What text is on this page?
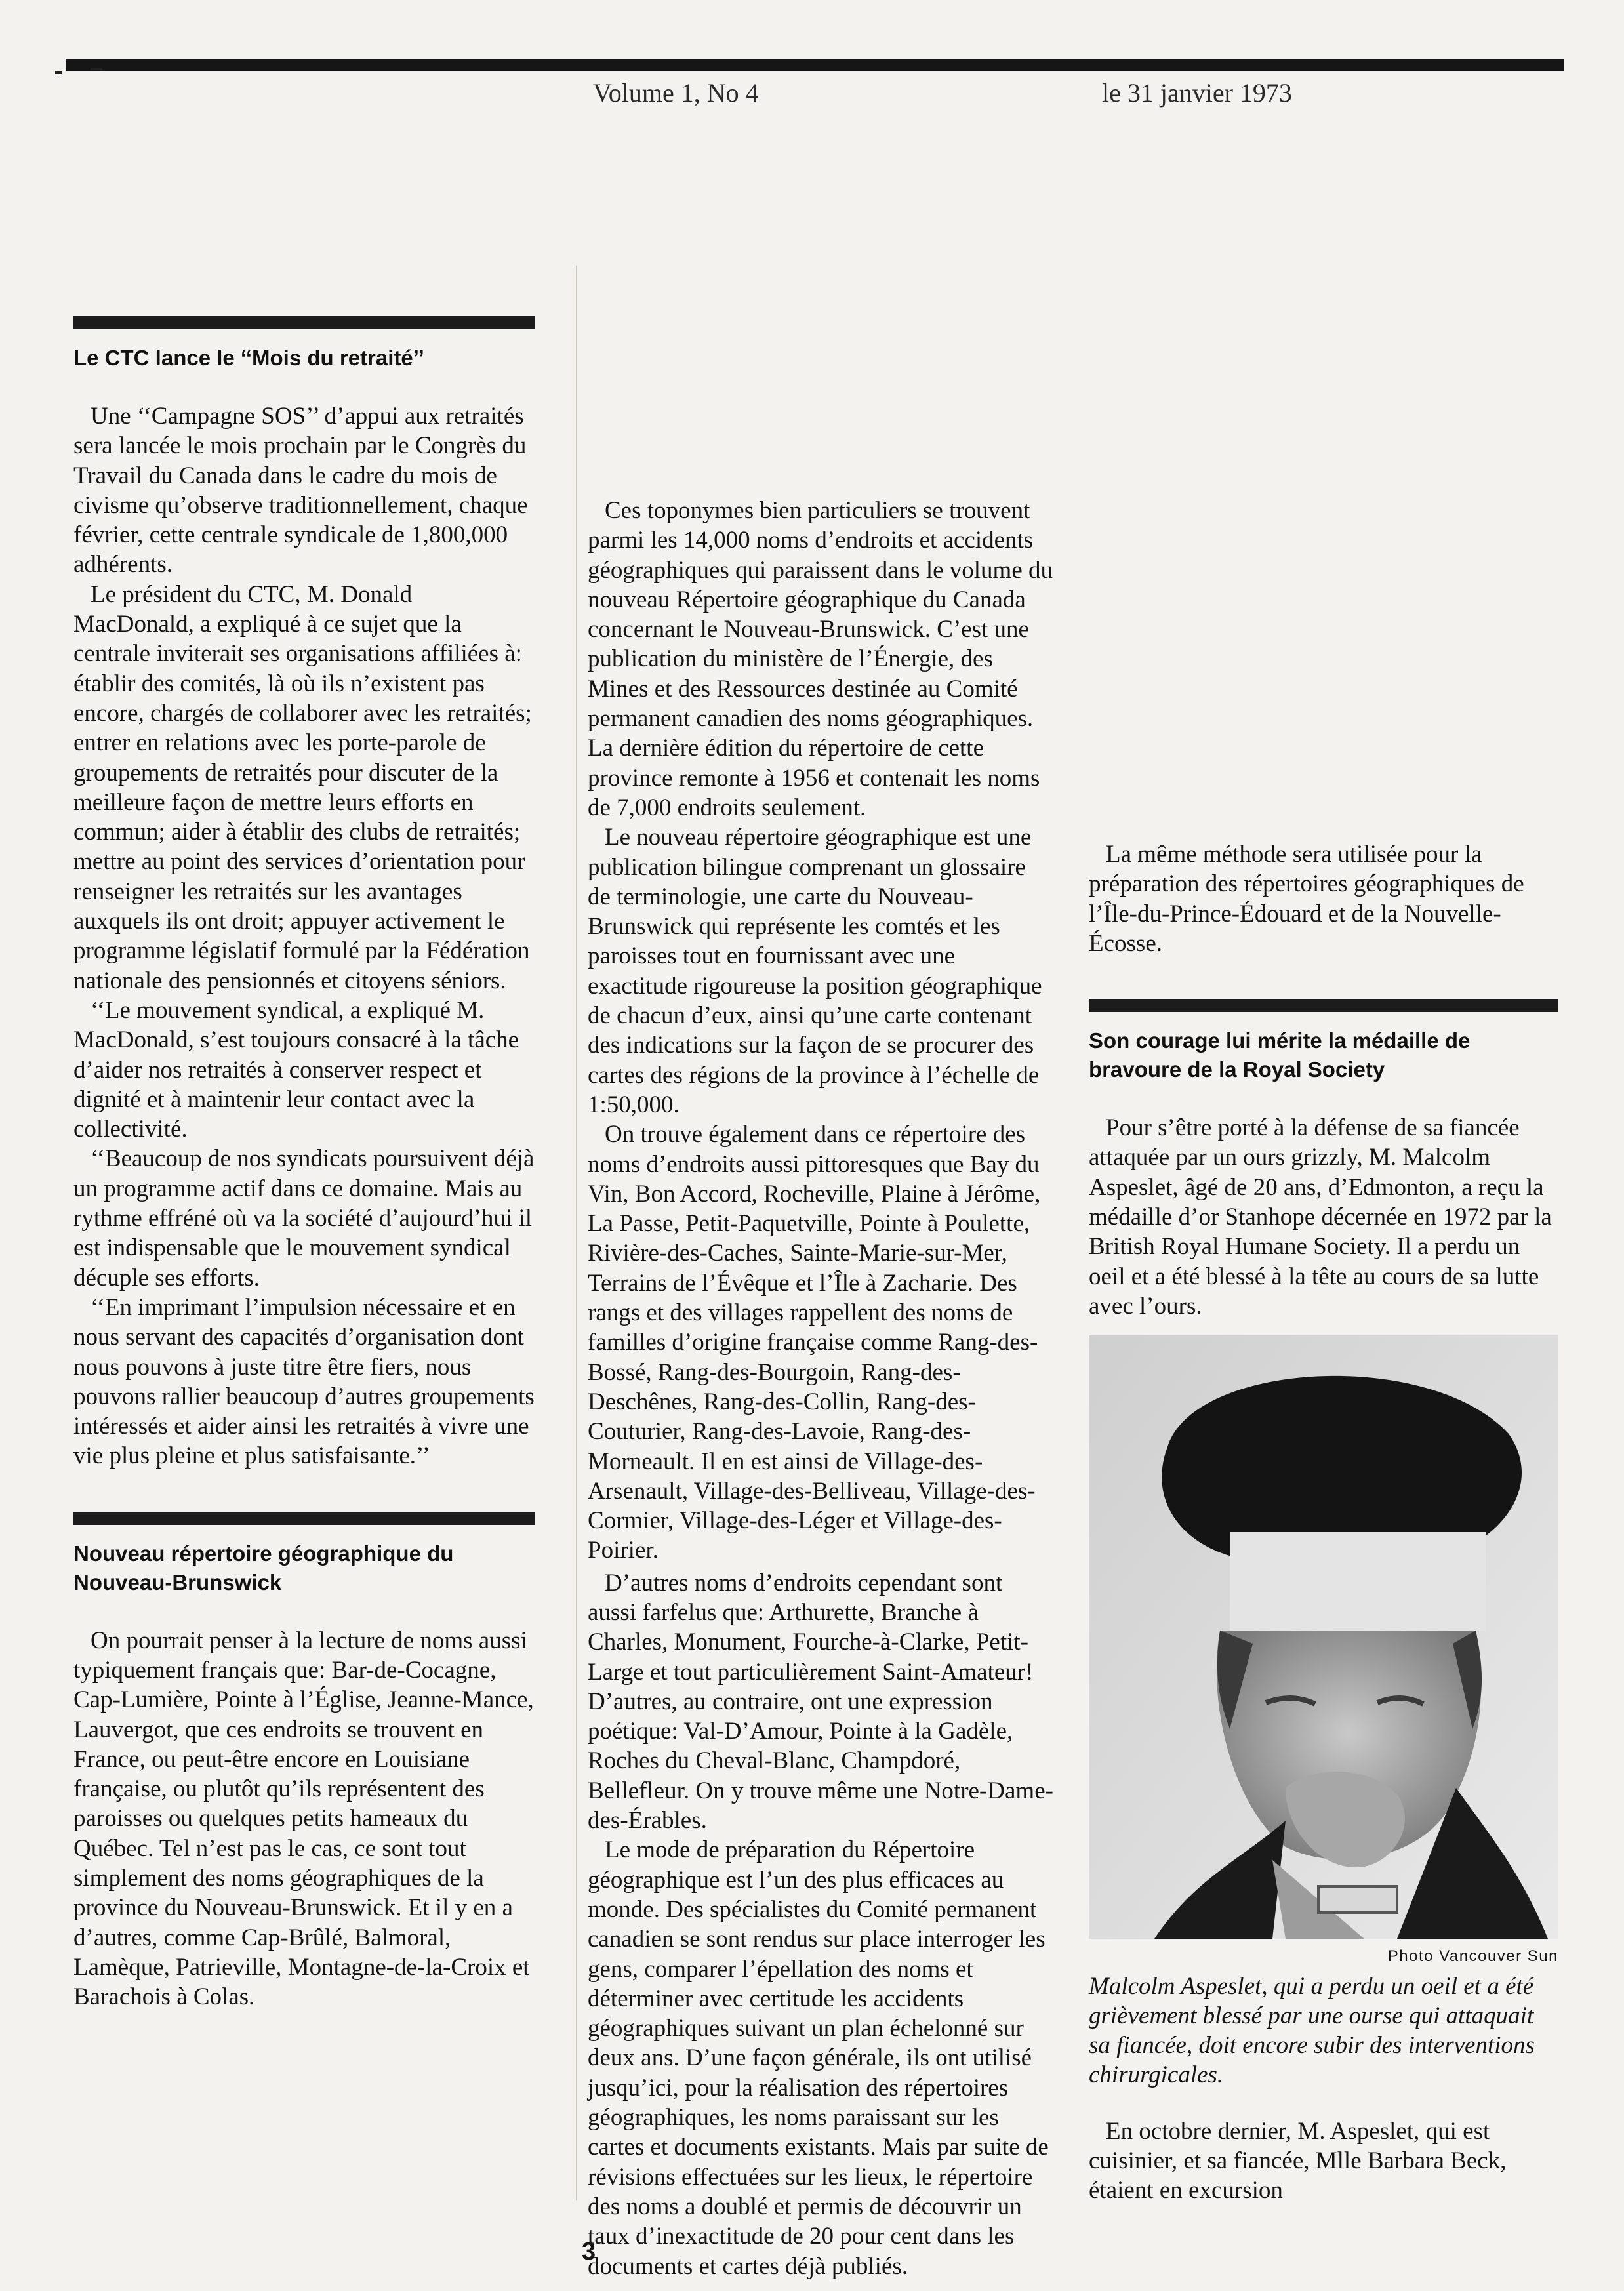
Volume 1, No 4	le 31 janvier 1973
Le CTC lance le ‘‘Mois du retraité’’

Une ‘‘Campagne SOS’’ d’appui aux retraités sera lancée le mois prochain par le Congrès du Travail du Canada dans le cadre du mois de civisme qu’observe traditionnellement, chaque février, cette centrale syndicale de 1,800,000 adhérents.

Le président du CTC, M. Donald MacDonald, a expliqué à ce sujet que la centrale inviterait ses organisations affiliées à: établir des comités, là où ils n’existent pas encore, chargés de collaborer avec les retraités; entrer en relations avec les porte-parole de groupements de retraités pour discuter de la meilleure façon de mettre leurs efforts en commun; aider à établir des clubs de retraités; mettre au point des services d’orientation pour renseigner les retraités sur les avantages auxquels ils ont droit; appuyer activement le programme législatif formulé par la Fédération nationale des pensionnés et citoyens séniors.

‘‘Le mouvement syndical, a expliqué M. MacDonald, s’est toujours consacré à la tâche d’aider nos retraités à conserver respect et dignité et à maintenir leur contact avec la collectivité.

‘‘Beaucoup de nos syndicats poursuivent déjà un programme actif dans ce domaine. Mais au rythme effréné où va la société d’aujourd’hui il est indispensable que le mouvement syndical décuple ses efforts.

‘‘En imprimant l’impulsion nécessaire et en nous servant des capacités d’organisation dont nous pouvons à juste titre être fiers, nous pouvons rallier beaucoup d’autres groupements intéressés et aider ainsi les retraités à vivre une vie plus pleine et plus satisfaisante.’’

Nouveau répertoire géographique du Nouveau-Brunswick

On pourrait penser à la lecture de noms aussi typiquement français que: Bar-de-Cocagne, Cap-Lumière, Pointe à l’Église, Jeanne-Mance, Lauvergot, que ces endroits se trouvent en France, ou peut-être encore en Louisiane française, ou plutôt qu’ils représentent des paroisses ou quelques petits hameaux du Québec. Tel n’est pas le cas, ce sont tout simplement des noms géographiques de la province du Nouveau-Brunswick. Et il y en a d’autres, comme Cap-Brûlé, Balmoral, Lamèque, Patrieville, Montagne-de-la-Croix et Barachois à Colas.

Ces toponymes bien particuliers se trouvent parmi les 14,000 noms d’endroits et accidents géographiques qui paraissent dans le volume du nouveau Répertoire géographique du Canada concernant le Nouveau-Brunswick. C’est une publication du ministère de l’Énergie, des Mines et des Ressources destinée au Comité permanent canadien des noms géographiques. La dernière édition du répertoire de cette province remonte à 1956 et contenait les noms de 7,000 endroits seulement.

Le nouveau répertoire géographique est une publication bilingue comprenant un glossaire de terminologie, une carte du Nouveau-Brunswick qui représente les comtés et les paroisses tout en fournissant avec une exactitude rigoureuse la position géographique de chacun d’eux, ainsi qu’une carte contenant des indications sur la façon de se procurer des cartes des régions de la province à l’échelle de 1:50,000.

On trouve également dans ce répertoire des noms d’endroits aussi pittoresques que Bay du Vin, Bon Accord, Rocheville, Plaine à Jérôme, La Passe, Petit-Paquetville, Pointe à Poulette, Rivière-des-Caches, Sainte-Marie-sur-Mer, Terrains de l’Évêque et l’Île à Zacharie. Des rangs et des villages rappellent des noms de familles d’origine française comme Rang-des-Bossé, Rang-des-Bourgoin, Rang-des-Deschênes, Rang-des-Collin, Rang-des-Couturier, Rang-des-Lavoie, Rang-des-Morneault. Il en est ainsi de Village-des-Arsenault, Village-des-Belliveau, Village-des-Cormier, Village-des-Léger et Village-des-Poirier.

D’autres noms d’endroits cependant sont aussi farfelus que: Arthurette, Branche à Charles, Monument, Fourche-à-Clarke, Petit-Large et tout particulièrement Saint-Amateur! D’autres, au contraire, ont une expression poétique: Val-D’Amour, Pointe à la Gadèle, Roches du Cheval-Blanc, Champdoré, Bellefleur. On y trouve même une Notre-Dame-des-Érables.

Le mode de préparation du Répertoire géographique est l’un des plus efficaces au monde. Des spécialistes du Comité permanent canadien se sont rendus sur place interroger les gens, comparer l’épellation des noms et déterminer avec certitude les accidents géographiques suivant un plan échelonné sur deux ans. D’une façon générale, ils ont utilisé jusqu’ici, pour la réalisation des répertoires géographiques, les noms paraissant sur les cartes et documents existants. Mais par suite de révisions effectuées sur les lieux, le répertoire des noms a doublé et permis de découvrir un taux d’inexactitude de 20 pour cent dans les documents et cartes déjà publiés.

La même méthode sera utilisée pour la préparation des répertoires géographiques de l’Île-du-Prince-Édouard et de la Nouvelle-Écosse.

Son courage lui mérite la médaille de bravoure de la Royal Society

Pour s’être porté à la défense de sa fiancée attaquée par un ours grizzly, M. Malcolm Aspeslet, âgé de 20 ans, d’Edmonton, a reçu la médaille d’or Stanhope décernée en 1972 par la British Royal Humane Society. Il a perdu un oeil et a été blessé à la tête au cours de sa lutte avec l’ours.

Photo Vancouver Sun

Malcolm Aspeslet, qui a perdu un oeil et a été grièvement blessé par une ourse qui attaquait sa fiancée, doit encore subir des interventions chirurgicales.

En octobre dernier, M. Aspeslet, qui est cuisinier, et sa fiancée, Mlle Barbara Beck, étaient en excursion

3
